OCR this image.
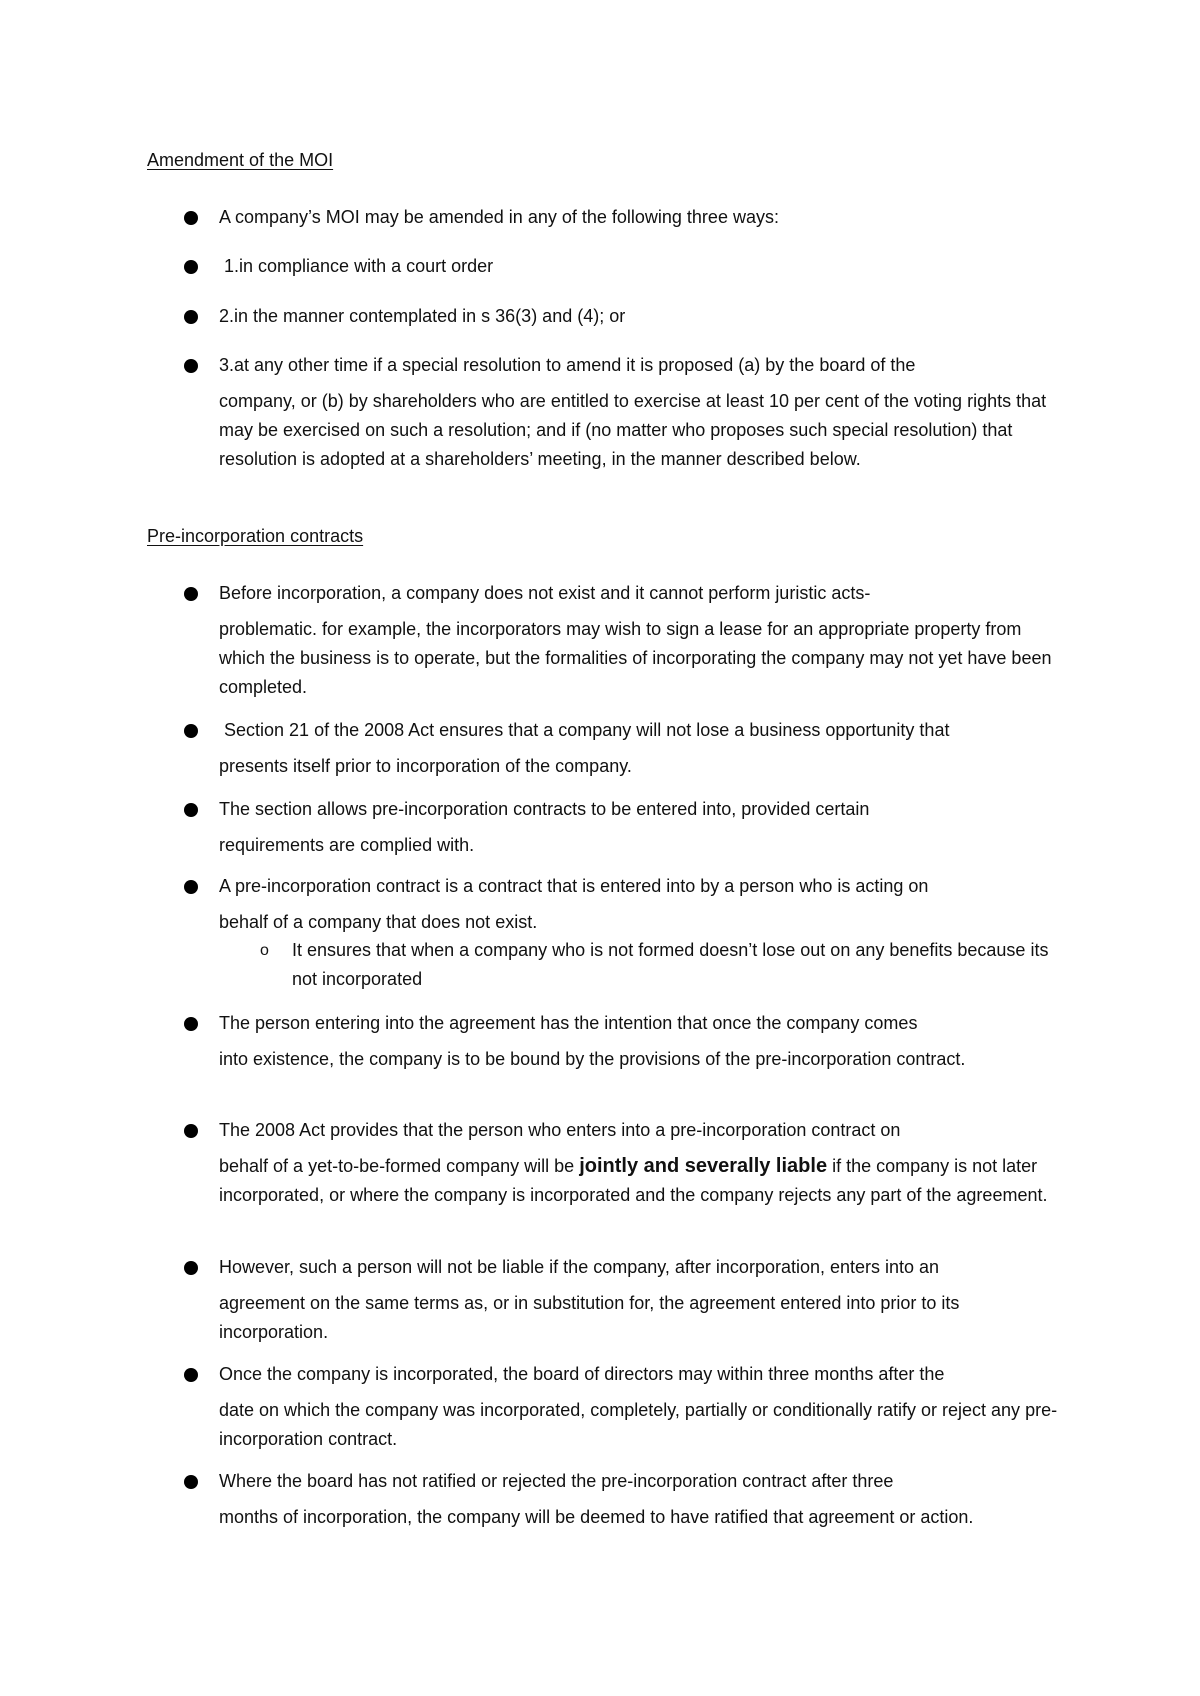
Amendment of the MOI
A company’s MOI may be amended in any of the following three ways:
1.in compliance with a court order
2.in the manner contemplated in s 36(3) and (4); or
3.at any other time if a special resolution to amend it is proposed (a) by the board of the
company, or (b) by shareholders who are entitled to exercise at least 10 per cent of the voting rights that may be exercised on such a resolution; and if (no matter who proposes such special resolution) that resolution is adopted at a shareholders’ meeting, in the manner described below.
Pre-incorporation contracts
Before incorporation, a company does not exist and it cannot perform juristic acts-
problematic. for example, the incorporators may wish to sign a lease for an appropriate property from which the business is to operate, but the formalities of incorporating the company may not yet have been completed.
Section 21 of the 2008 Act ensures that a company will not lose a business opportunity that
presents itself prior to incorporation of the company.
The section allows pre-incorporation contracts to be entered into, provided certain
requirements are complied with.
A pre-incorporation contract is a contract that is entered into by a person who is acting on
behalf of a company that does not exist.
o It ensures that when a company who is not formed doesn’t lose out on any benefits because its not incorporated
The person entering into the agreement has the intention that once the company comes
into existence, the company is to be bound by the provisions of the pre-incorporation contract.
The 2008 Act provides that the person who enters into a pre-incorporation contract on
behalf of a yet-to-be-formed company will be jointly and severally liable if the company is not later incorporated, or where the company is incorporated and the company rejects any part of the agreement.
However, such a person will not be liable if the company, after incorporation, enters into an
agreement on the same terms as, or in substitution for, the agreement entered into prior to its incorporation.
Once the company is incorporated, the board of directors may within three months after the
date on which the company was incorporated, completely, partially or conditionally ratify or reject any pre-incorporation contract.
Where the board has not ratified or rejected the pre-incorporation contract after three
months of incorporation, the company will be deemed to have ratified that agreement or action.
